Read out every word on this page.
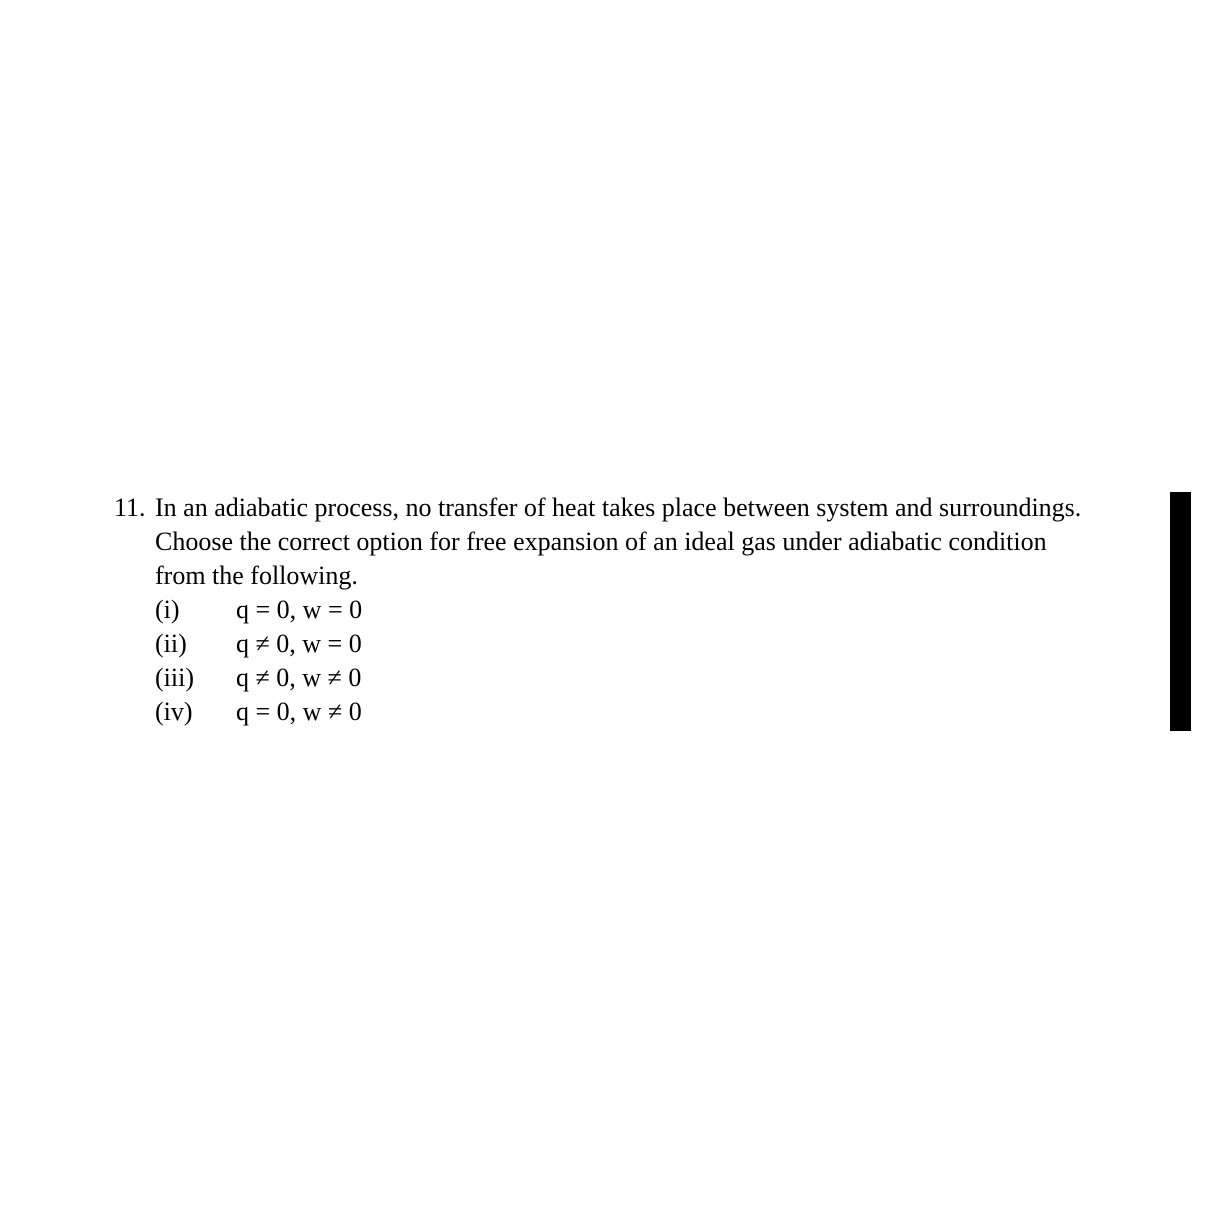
11. In an adiabatic process, no transfer of heat takes place between system and surroundings.
Choose the correct option for free expansion of an ideal gas under adiabatic condition
from the following.
(i) q = 0, w = 0
(ii) q ≠ 0, w = 0
(iii) q ≠ 0, w ≠ 0
(iv) q = 0, w ≠ 0
